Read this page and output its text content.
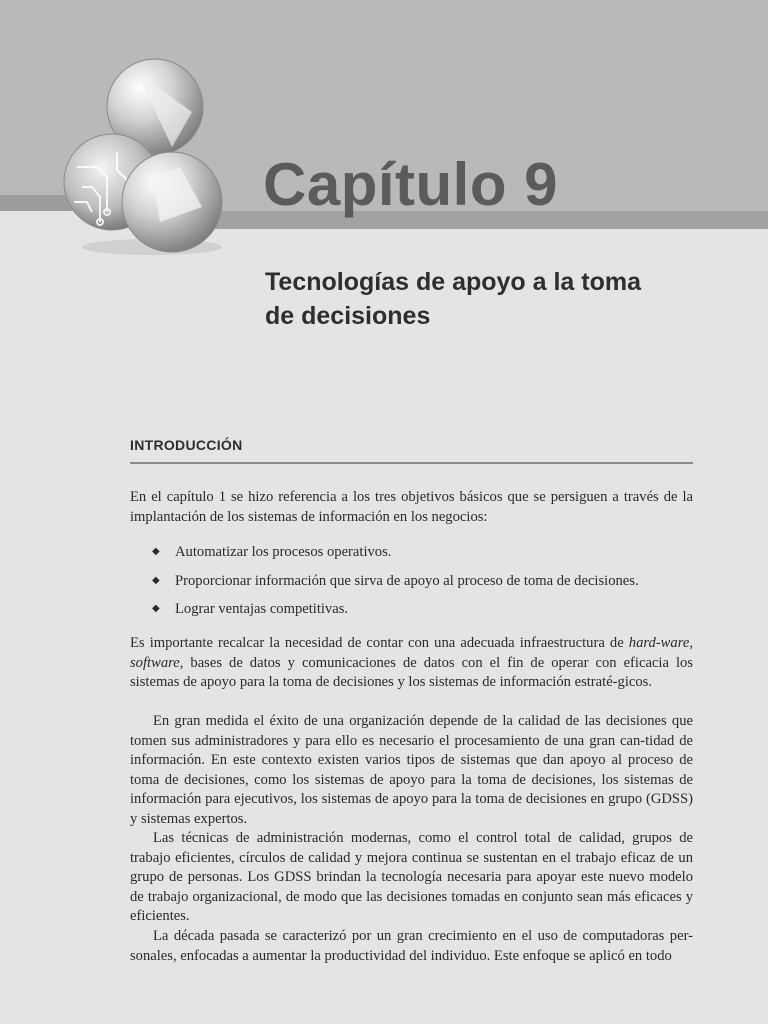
Capítulo 9
Tecnologías de apoyo a la toma
de decisiones
INTRODUCCIÓN

En el capítulo 1 se hizo referencia a los tres objetivos básicos que se persiguen a través de la implantación de los sistemas de información en los negocios:

◆ Automatizar los procesos operativos.
◆ Proporcionar información que sirva de apoyo al proceso de toma de decisiones.
◆ Lograr ventajas competitivas.

Es importante recalcar la necesidad de contar con una adecuada infraestructura de hard-ware, software, bases de datos y comunicaciones de datos con el fin de operar con eficacia los sistemas de apoyo para la toma de decisiones y los sistemas de información estraté-gicos.

En gran medida el éxito de una organización depende de la calidad de las decisiones que tomen sus administradores y para ello es necesario el procesamiento de una gran can-tidad de información. En este contexto existen varios tipos de sistemas que dan apoyo al proceso de toma de decisiones, como los sistemas de apoyo para la toma de decisiones, los sistemas de información para ejecutivos, los sistemas de apoyo para la toma de decisiones en grupo (GDSS) y sistemas expertos.

Las técnicas de administración modernas, como el control total de calidad, grupos de trabajo eficientes, círculos de calidad y mejora continua se sustentan en el trabajo eficaz de un grupo de personas. Los GDSS brindan la tecnología necesaria para apoyar este nuevo modelo de trabajo organizacional, de modo que las decisiones tomadas en conjunto sean más eficaces y eficientes.

La década pasada se caracterizó por un gran crecimiento en el uso de computadoras per-sonales, enfocadas a aumentar la productividad del individuo. Este enfoque se aplicó en todo
